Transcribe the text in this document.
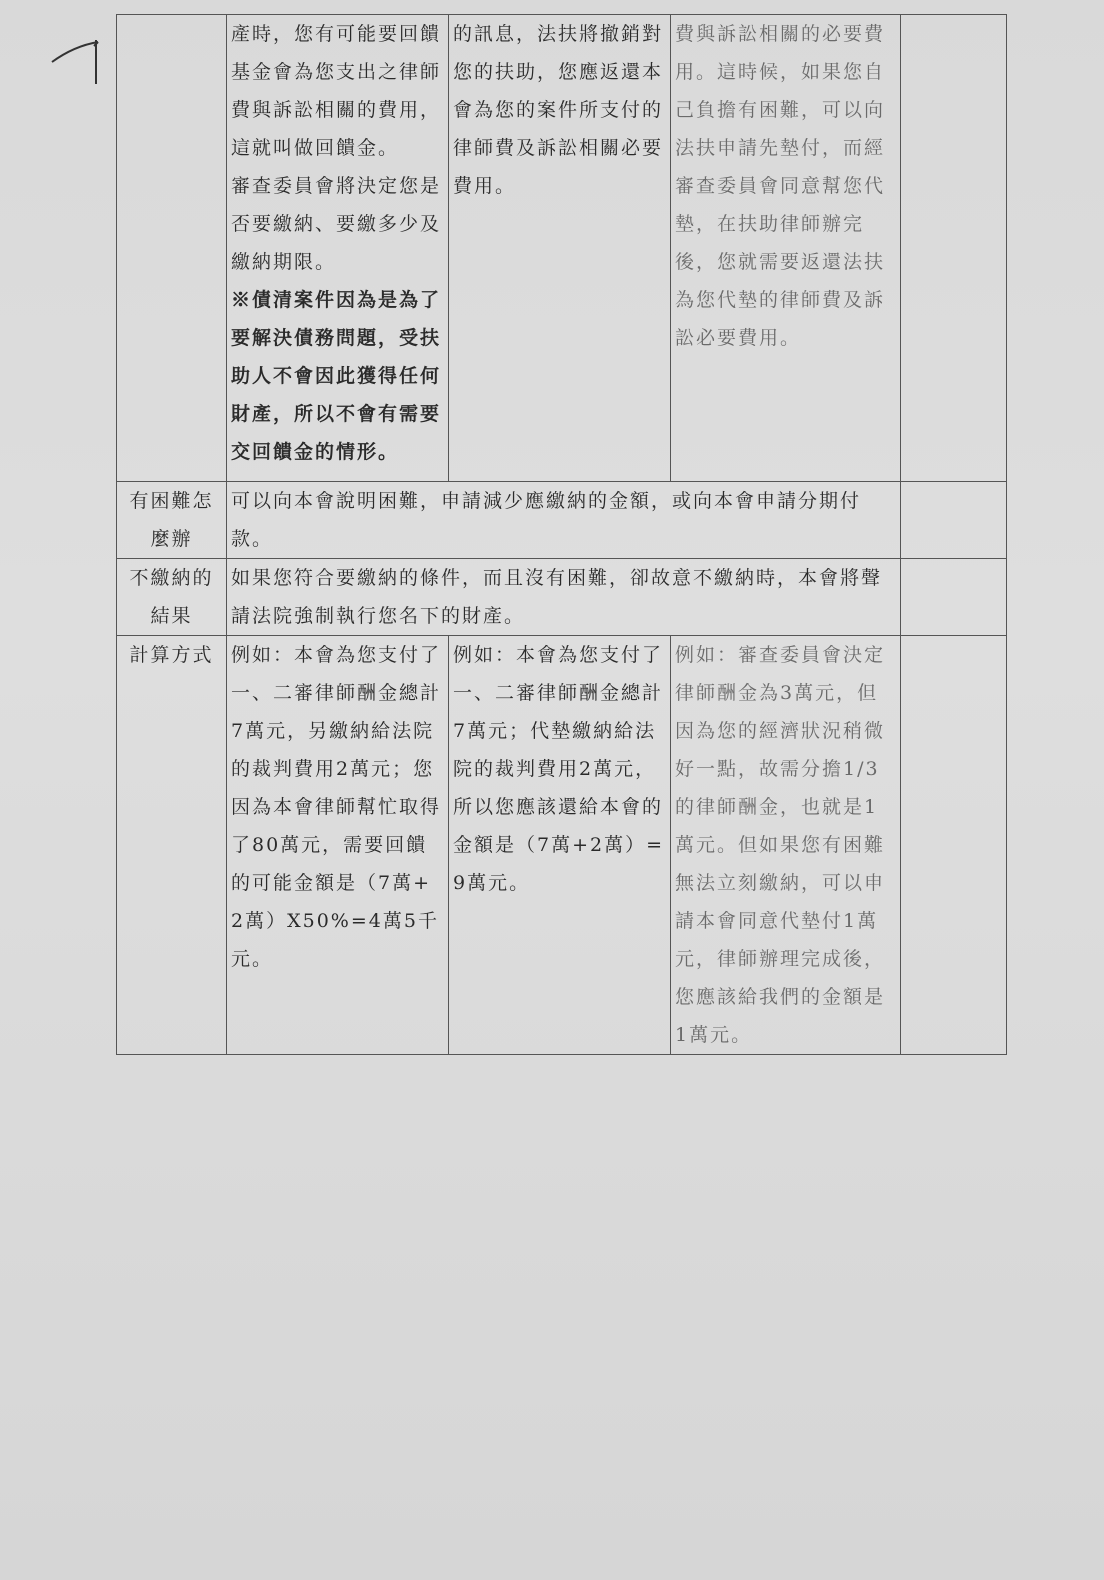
	產時，您有可能要回饋基金會為您支出之律師費與訴訟相關的費用，這就叫做回饋金。
審查委員會將決定您是否要繳納、要繳多少及繳納期限。
※債清案件因為是為了要解決債務問題，受扶助人不會因此獲得任何財產，所以不會有需要交回饋金的情形。	的訊息，法扶將撤銷對您的扶助，您應返還本會為您的案件所支付的律師費及訴訟相關必要費用。	費與訴訟相關的必要費用。這時候，如果您自己負擔有困難，可以向法扶申請先墊付，而經審查委員會同意幫您代墊，在扶助律師辦完後，您就需要返還法扶為您代墊的律師費及訴訟必要費用。	
有困難怎麼辦	可以向本會說明困難，申請減少應繳納的金額，或向本會申請分期付款。			
不繳納的結果	如果您符合要繳納的條件，而且沒有困難，卻故意不繳納時，本會將聲請法院強制執行您名下的財產。			
計算方式	例如：本會為您支付了一、二審律師酬金總計7萬元，另繳納給法院的裁判費用2萬元；您因為本會律師幫忙取得了80萬元，需要回饋的可能金額是（7萬+2萬）X50%=4萬5千元。	例如：本會為您支付了一、二審律師酬金總計7萬元；代墊繳納給法院的裁判費用2萬元，所以您應該還給本會的金額是（7萬+2萬）=9萬元。	例如：審查委員會決定律師酬金為3萬元，但因為您的經濟狀況稍微好一點，故需分擔1/3的律師酬金，也就是1萬元。但如果您有困難無法立刻繳納，可以申請本會同意代墊付1萬元，律師辦理完成後，您應該給我們的金額是1萬元。	
